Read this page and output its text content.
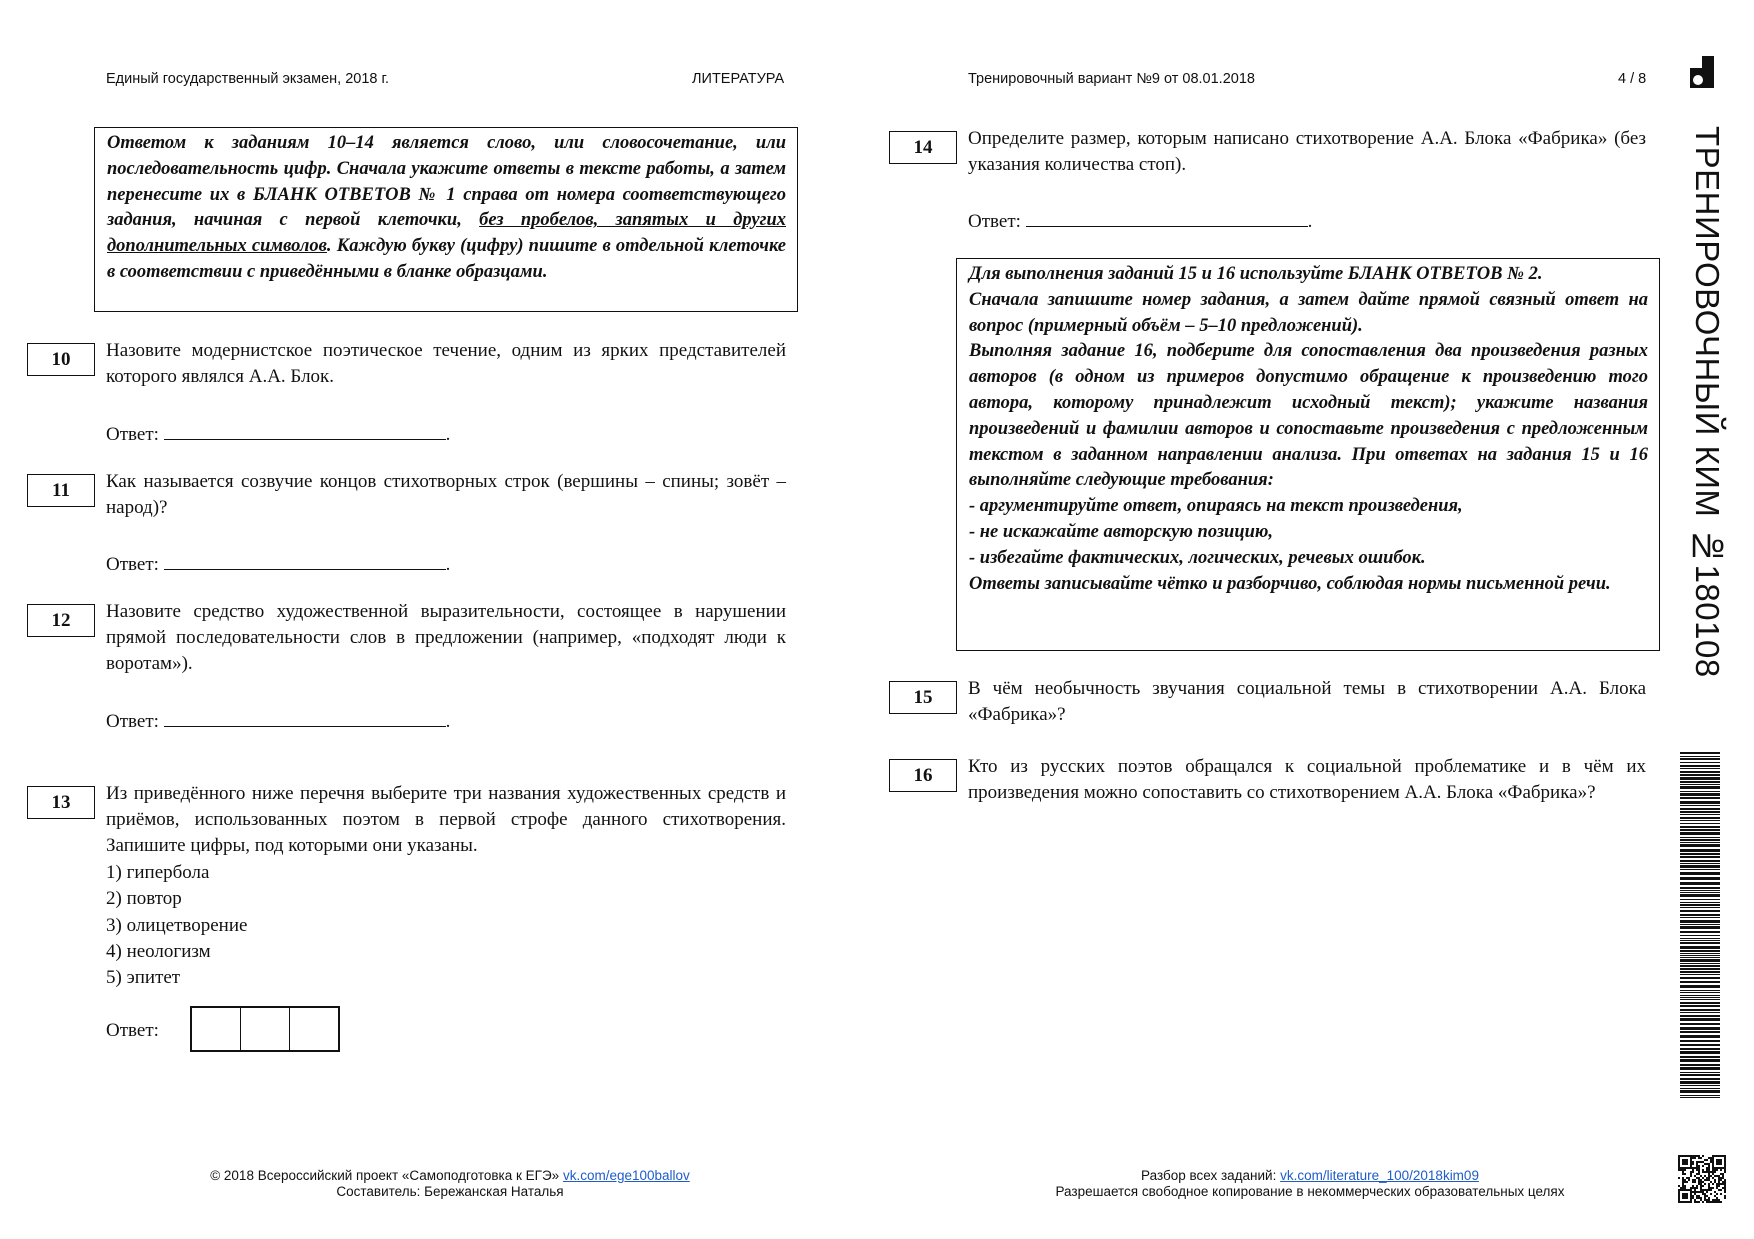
Единый государственный экзамен, 2018 г.	ЛИТЕРАТУРА	Тренировочный вариант №9 от 08.01.2018	4 / 8

Ответом к заданиям 10–14 является слово, или словосочетание, или последовательность цифр. Сначала укажите ответы в тексте работы, а затем перенесите их в БЛАНК ОТВЕТОВ № 1 справа от номера соответствующего задания, начиная с первой клеточки, без пробелов, запятых и других дополнительных символов. Каждую букву (цифру) пишите в отдельной клеточке в соответствии с приведёнными в бланке образцами.

10	Назовите модернистское поэтическое течение, одним из ярких представителей которого являлся А.А. Блок.
Ответ:	.
11	Как называется созвучие концов стихотворных строк (вершины – спины; зовёт – народ)?
Ответ:	.
12	Назовите средство художественной выразительности, состоящее в нарушении прямой последовательности слов в предложении (например, «подходят люди к воротам»).
Ответ:	.
13	Из приведённого ниже перечня выберите три названия художественных средств и приёмов, использованных поэтом в первой строфе данного стихотворения. Запишите цифры, под которыми они указаны.
1) гипербола
2) повтор
3) олицетворение
4) неологизм
5) эпитет
Ответ:
14	Определите размер, которым написано стихотворение А.А. Блока «Фабрика» (без указания количества стоп).
Ответ:	.

Для выполнения заданий 15 и 16 используйте БЛАНК ОТВЕТОВ № 2.

Сначала запишите номер задания, а затем дайте прямой связный ответ на вопрос (примерный объём – 5–10 предложений).

Выполняя задание 16, подберите для сопоставления два произведения разных авторов (в одном из примеров допустимо обращение к произведению того автора, которому принадлежит исходный текст); укажите названия произведений и фамилии авторов и сопоставьте произведения с предложенным текстом в заданном направлении анализа. При ответах на задания 15 и 16 выполняйте следующие требования:

- аргументируйте ответ, опираясь на текст произведения,

- не искажайте авторскую позицию,

- избегайте фактических, логических, речевых ошибок.

Ответы записывайте чётко и разборчиво, соблюдая нормы письменной речи.

15	В чём необычность звучания социальной темы в стихотворении А.А. Блока «Фабрика»?
16	Кто из русских поэтов обращался к социальной проблематике и в чём их произведения можно сопоставить со стихотворением А.А. Блока «Фабрика»?
ТРЕНИРОВОЧНЫЙ КИМ №180108
© 2018 Всероссийский проект «Самоподготовка к ЕГЭ» vk.com/ege100ballov
Составитель: Бережанская Наталья
Разбор всех заданий: vk.com/literature_100/2018kim09
Разрешается свободное копирование в некоммерческих образовательных целях
